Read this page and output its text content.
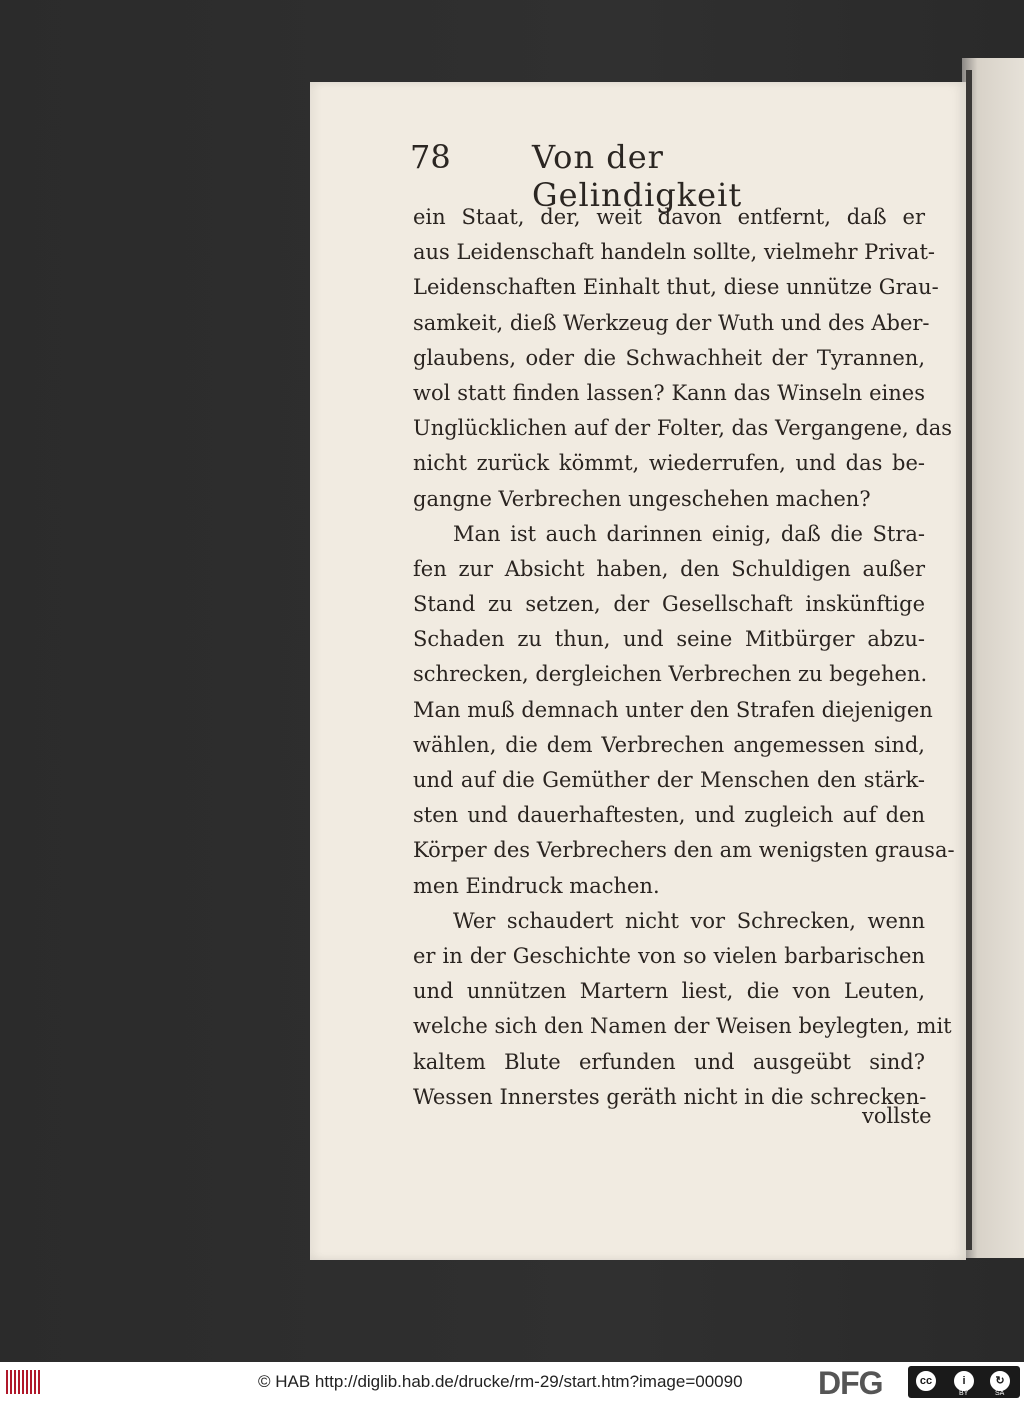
78	Von der Gelindigkeit
ein Staat, der, weit davon entfernt, daß er
aus Leidenschaft handeln sollte, vielmehr Privat-
Leidenschaften Einhalt thut, diese unnütze Grau-
samkeit, dieß Werkzeug der Wuth und des Aber-
glaubens, oder die Schwachheit der Tyrannen,
wol statt finden lassen? Kann das Winseln eines
Unglücklichen auf der Folter, das Vergangene, das
nicht zurück kömmt, wiederrufen, und das be-
gangne Verbrechen ungeschehen machen?
Man ist auch darinnen einig, daß die Stra-
fen zur Absicht haben, den Schuldigen außer
Stand zu setzen, der Gesellschaft inskünftige
Schaden zu thun, und seine Mitbürger abzu-
schrecken, dergleichen Verbrechen zu begehen.
Man muß demnach unter den Strafen diejenigen
wählen, die dem Verbrechen angemessen sind,
und auf die Gemüther der Menschen den stärk-
sten und dauerhaftesten, und zugleich auf den
Körper des Verbrechers den am wenigsten grausa-
men Eindruck machen.
Wer schaudert nicht vor Schrecken, wenn
er in der Geschichte von so vielen barbarischen
und unnützen Martern liest, die von Leuten,
welche sich den Namen der Weisen beylegten, mit
kaltem Blute erfunden und ausgeübt sind?
Wessen Innerstes geräth nicht in die schrecken-
vollste
© HAB http://diglib.hab.de/drucke/rm-29/start.htm?image=00090 DFG	cc	i
BY
↻
SA
